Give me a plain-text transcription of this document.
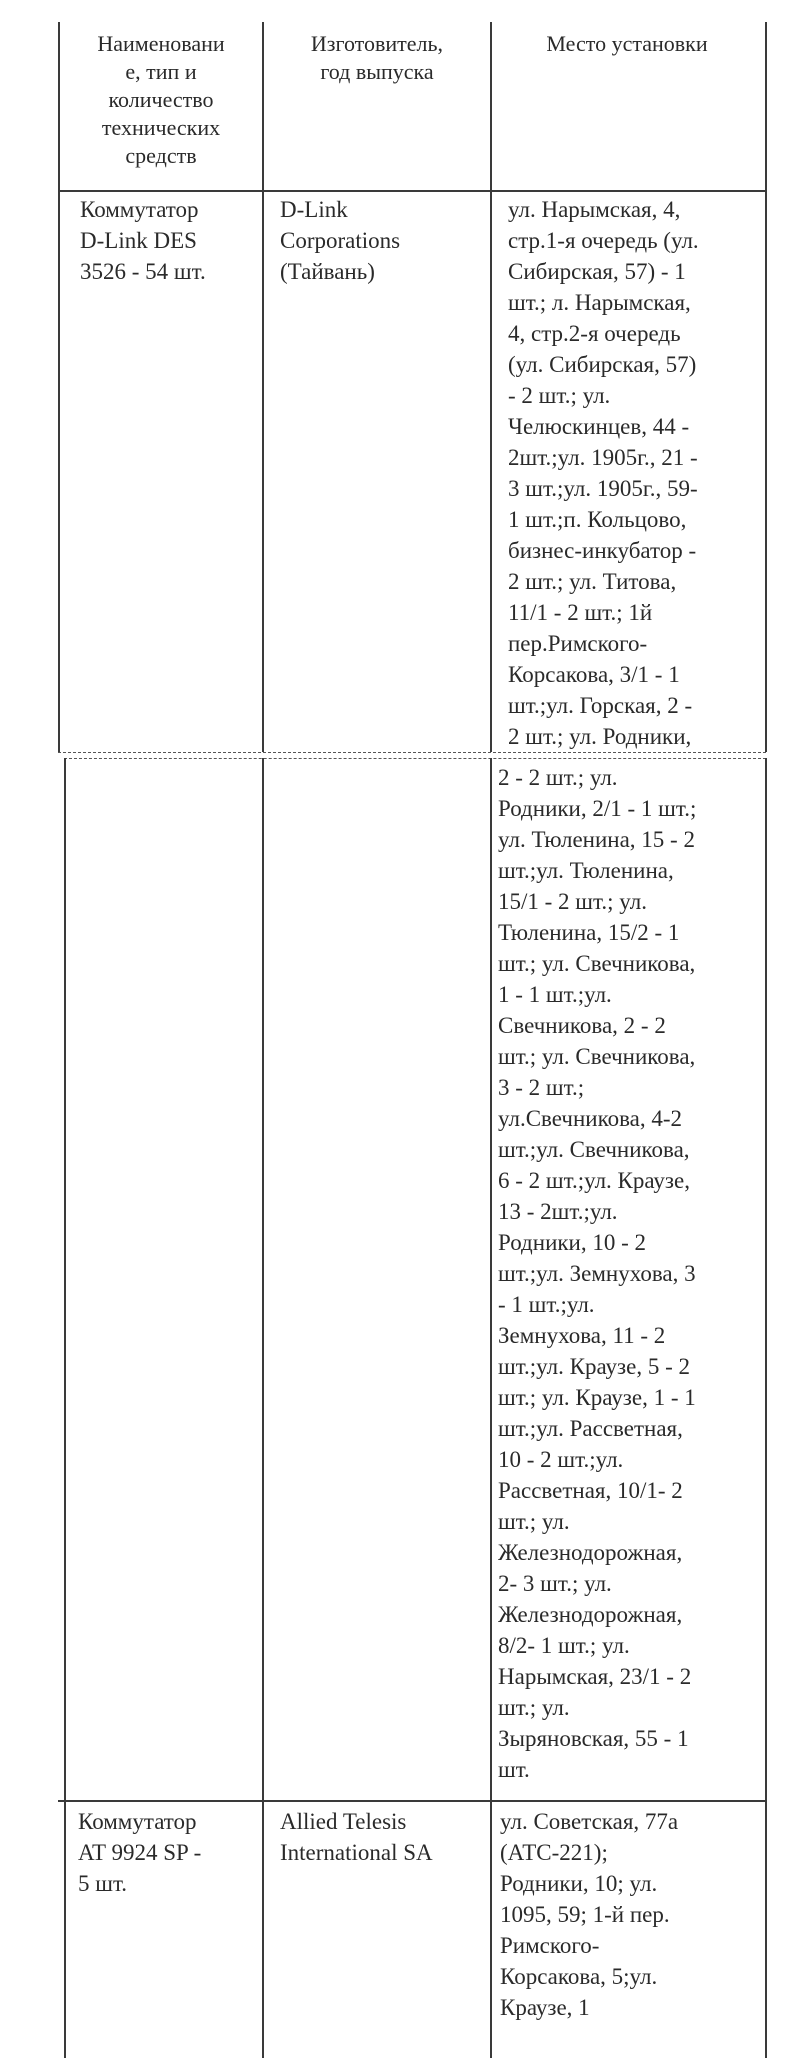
Наименовани
е, тип и
количество
технических
средств
Изготовитель,
год выпуска
Место установки
Коммутатор
D-Link DES
3526 - 54 шт.
D-Link
Corporations
(Тайвань)
ул. Нарымская, 4,
стр.1-я очередь (ул.
Сибирская, 57) - 1
шт.; л. Нарымская,
4, стр.2-я очередь
(ул. Сибирская, 57)
- 2 шт.; ул.
Челюскинцев, 44 -
2шт.;ул. 1905г., 21 -
3 шт.;ул. 1905г., 59-
1 шт.;п. Кольцово,
бизнес-инкубатор -
2 шт.; ул. Титова,
11/1 - 2 шт.; 1й
пер.Римского-
Корсакова, 3/1 - 1
шт.;ул. Горская, 2 -
2 шт.; ул. Родники,
2 - 2 шт.; ул.
Родники, 2/1 - 1 шт.;
ул. Тюленина, 15 - 2
шт.;ул. Тюленина,
15/1 - 2 шт.; ул.
Тюленина, 15/2 - 1
шт.; ул. Свечникова,
1 - 1 шт.;ул.
Свечникова, 2 - 2
шт.; ул. Свечникова,
3 - 2 шт.;
ул.Свечникова, 4-2
шт.;ул. Свечникова,
6 - 2 шт.;ул. Краузе,
13 - 2шт.;ул.
Родники, 10 - 2
шт.;ул. Земнухова, 3
- 1 шт.;ул.
Земнухова, 11 - 2
шт.;ул. Краузе, 5 - 2
шт.; ул. Краузе, 1 - 1
шт.;ул. Рассветная,
10 - 2 шт.;ул.
Рассветная, 10/1- 2
шт.; ул.
Железнодорожная,
2- 3 шт.; ул.
Железнодорожная,
8/2- 1 шт.; ул.
Нарымская, 23/1 - 2
шт.; ул.
Зыряновская, 55 - 1
шт.
Коммутатор
AT 9924 SP -
5 шт.
Allied Telesis
International SA
ул. Советская, 77а
(АТС-221);
Родники, 10; ул.
1095, 59; 1-й пер.
Римского-
Корсакова, 5;ул.
Краузе, 1
